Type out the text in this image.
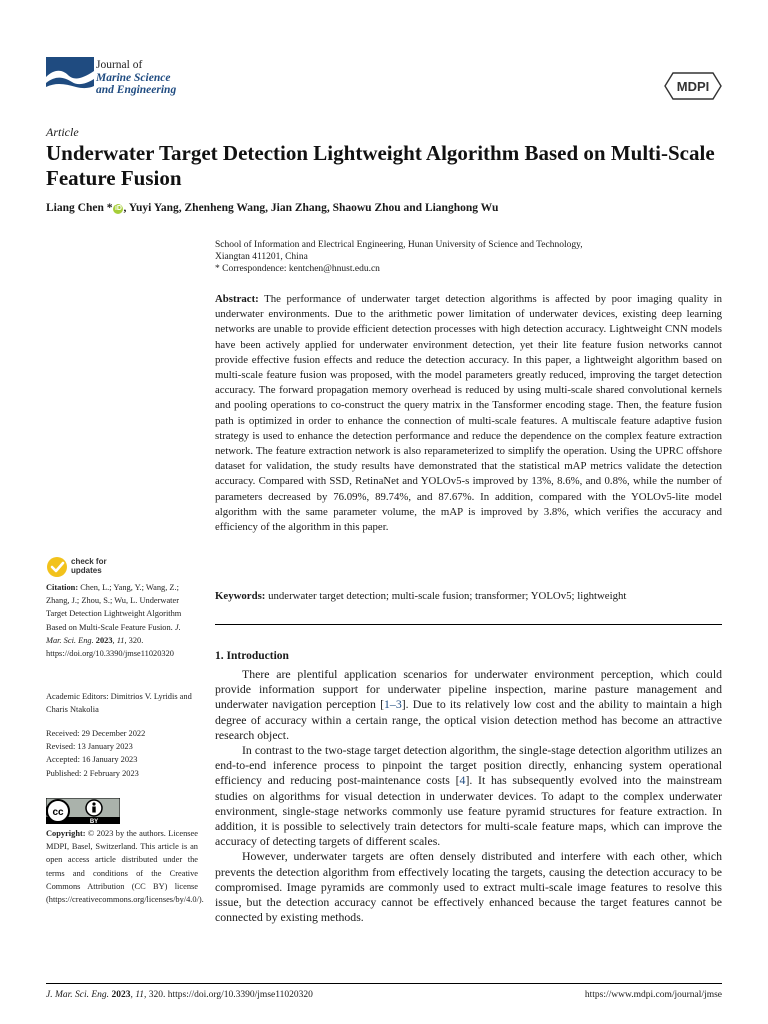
Journal of
Marine Science
and Engineering	MDPI
Article
Underwater Target Detection Lightweight Algorithm Based on Multi-Scale Feature Fusion
Liang Chen * iD , Yuyi Yang, Zhenheng Wang, Jian Zhang, Shaowu Zhou and Lianghong Wu
School of Information and Electrical Engineering, Hunan University of Science and Technology,
Xiangtan 411201, China
* Correspondence: kentchen@hnust.edu.cn

Abstract: The performance of underwater target detection algorithms is affected by poor imaging quality in underwater environments. Due to the arithmetic power limitation of underwater devices, existing deep learning networks are unable to provide efficient detection processes with high detection accuracy. Lightweight CNN models have been actively applied for underwater environment detection, yet their lite feature fusion networks cannot provide effective fusion effects and reduce the detection accuracy. In this paper, a lightweight algorithm based on multi-scale feature fusion was proposed, with the model parameters greatly reduced, improving the target detection accuracy. The forward propagation memory overhead is reduced by using multi-scale shared convolutional kernels and pooling operations to co-construct the query matrix in the Tansformer encoding stage. Then, the feature fusion path is optimized in order to enhance the connection of multi-scale features. A multiscale feature adaptive fusion strategy is used to enhance the detection performance and reduce the dependence on the complex feature extraction network. The feature extraction network is also reparameterized to simplify the operation. Using the UPRC offshore dataset for validation, the study results have demonstrated that the statistical mAP metrics validate the detection accuracy. Compared with SSD, RetinaNet and YOLOv5-s improved by 13%, 8.6%, and 0.8%, while the number of parameters decreased by 76.09%, 89.74%, and 87.67%. In addition, compared with the YOLOv5-lite model algorithm with the same parameter volume, the mAP is improved by 3.8%, which verifies the accuracy and efficiency of the algorithm in this paper.

Keywords: underwater target detection; multi-scale fusion; transformer; YOLOv5; lightweight
1. Introduction

There are plentiful application scenarios for underwater environment perception, which could provide information support for underwater pipeline inspection, marine pasture management and underwater navigation perception [1–3]. Due to its relatively low cost and the ability to maintain a high degree of accuracy within a certain range, the optical vision detection method has become an attractive research object.

In contrast to the two-stage target detection algorithm, the single-stage detection algorithm utilizes an end-to-end inference process to pinpoint the target position directly, enhancing system operational efficiency and reducing post-maintenance costs [4]. It has subsequently evolved into the mainstream studies on algorithms for visual detection in underwater devices. To adapt to the complex underwater environment, single-stage networks commonly use feature pyramid structures for feature extraction. In addition, it is possible to selectively train detectors for multi-scale feature maps, which can improve the accuracy of detecting targets of different scales.

However, underwater targets are often densely distributed and interfere with each other, which prevents the detection algorithm from effectively locating the targets, causing the detection accuracy to be compromised. Image pyramids are commonly used to extract multi-scale image features to resolve this issue, but the detection accuracy cannot be effectively enhanced because the target features cannot be connected by existing methods.

check for
updates
Citation: Chen, L.; Yang, Y.; Wang, Z.; Zhang, J.; Zhou, S.; Wu, L. Underwater Target Detection Lightweight Algorithm Based on Multi-Scale Feature Fusion. J. Mar. Sci. Eng. 2023, 11, 320. https://doi.org/10.3390/jmse11020320
Academic Editors: Dimitrios V. Lyridis and Charis Ntakolia
Received: 29 December 2022
Revised: 13 January 2023
Accepted: 16 January 2023
Published: 2 February 2023
cc
BY
Copyright: © 2023 by the authors. Licensee MDPI, Basel, Switzerland. This article is an open access article distributed under the terms and conditions of the Creative Commons Attribution (CC BY) license (https://creativecommons.org/licenses/by/4.0/).
J. Mar. Sci. Eng. 2023, 11, 320. https://doi.org/10.3390/jmse11020320	https://www.mdpi.com/journal/jmse
